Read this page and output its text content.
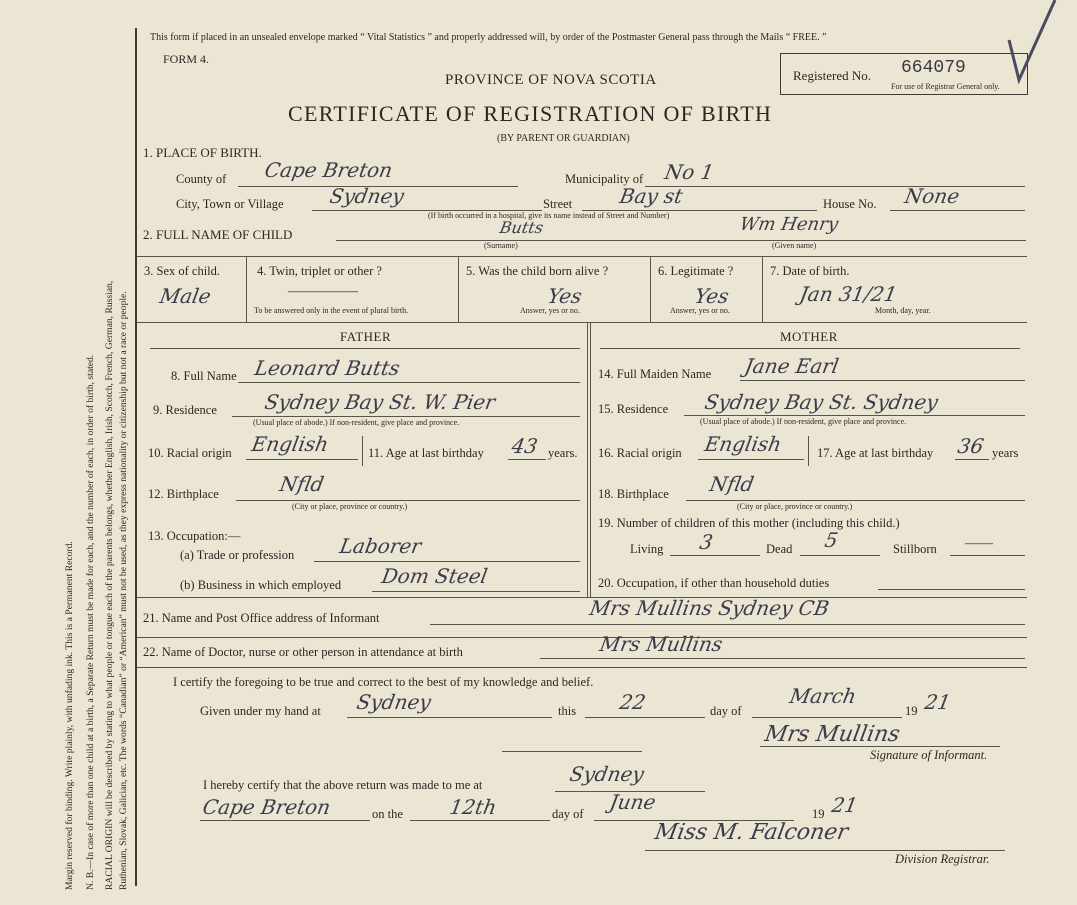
Margin reserved for binding. Write plainly, with unfading ink. This is a Permanent Record. N. B.—In case of more than one child at a birth, a Separate Return must be made for each, and the number of each, in order of birth, stated. RACIAL ORIGIN will be described by stating to what people or tongue each of the parents belongs, whether English, Irish, Scotch, French, German, Russian, Ruthenian, Slovak, Galician, etc. The words “Canadian” or “American” must not be used, as they express nationality or citizenship but not a race or people.
This form if placed in an unsealed envelope marked “ Vital Statistics ” and properly addressed will, by order of the Postmaster General pass through the Mails “ FREE. ”
FORM 4.
PROVINCE OF NOVA SCOTIA
CERTIFICATE OF REGISTRATION OF BIRTH
(BY PARENT OR GUARDIAN)
Registered No. 664079
For use of Registrar General only.
1. PLACE OF BIRTH.
County of Cape Breton	Municipality of No 1
City, Town or Village Sydney	Street Bay st	House No. None
(If birth occurred in a hospital, give its name instead of Street and Number)
2. FULL NAME OF CHILD	Butts	Wm Henry
(Surname)	(Given name)
3. Sex of child.
Male
4. Twin, triplet or other ?
—————
To be answered only in the event of plural birth.
5. Was the child born alive ?
Yes
Answer, yes or no.
6. Legitimate ?
Yes
Answer, yes or no.
7. Date of birth.
Jan 31/21
Month, day, year.
FATHER	MOTHER
8. Full Name Leonard Butts
9. Residence Sydney Bay St. W. Pier
(Usual place of abode.) If non-resident, give place and province.
10. Racial origin English	11. Age at last birthday 43 years.
12. Birthplace	Nfld
(City or place, province or country.)
13. Occupation:—
(a) Trade or profession Laborer
(b) Business in which employed Dom Steel
14. Full Maiden Name Jane Earl
15. Residence Sydney Bay St. Sydney
(Usual place of abode.) If non-resident, give place and province.
16. Racial origin English	17. Age at last birthday 36 years
18. Birthplace Nfld
(City or place, province or country.)
19. Number of children of this mother (including this child.)
Living 3	Dead 5	Stillborn ——
20. Occupation, if other than household duties
21. Name and Post Office address of Informant	Mrs Mullins Sydney CB
22. Name of Doctor, nurse or other person in attendance at birth	Mrs Mullins
I certify the foregoing to be true and correct to the best of my knowledge and belief.
Given under my hand at Sydney	this 22	day of
March
19 21
Mrs Mullins
Signature of Informant.
I hereby certify that the above return was made to me at	Sydney
Cape Breton	on the 12th	day of June	19 21
Miss M. Falconer
Division Registrar.
